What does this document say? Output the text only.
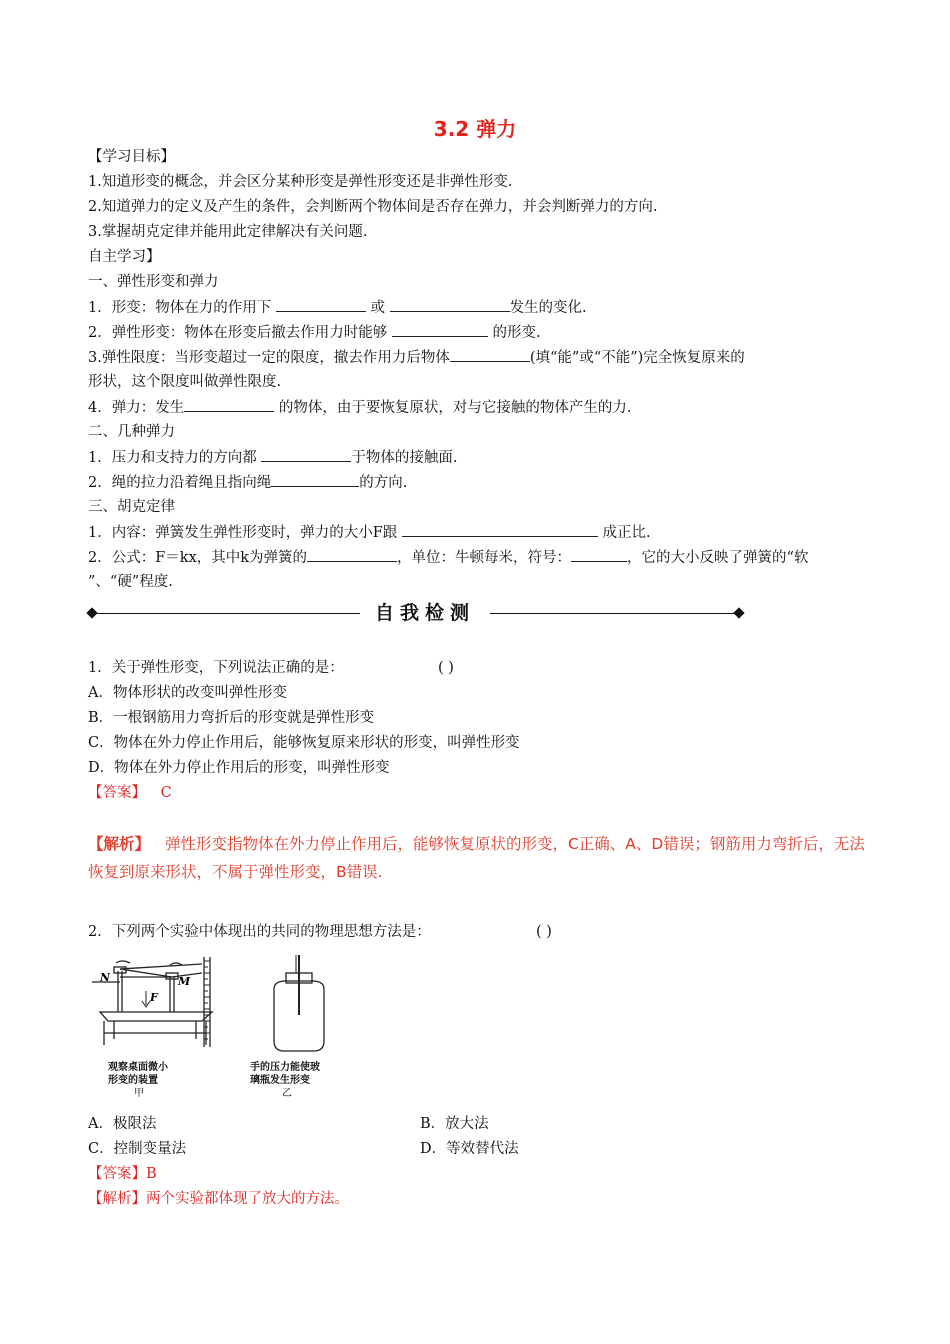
3.2 弹力
【学习目标】
1.知道形变的概念，并会区分某种形变是弹性形变还是非弹性形变.
2.知道弹力的定义及产生的条件，会判断两个物体间是否存在弹力，并会判断弹力的方向.
3.掌握胡克定律并能用此定律解决有关问题.
自主学习】
一、弹性形变和弹力
1．形变：物体在力的作用下	或	发生的变化.
2．弹性形变：物体在形变后撤去作用力时能够	的形变.
3.弹性限度：当形变超过一定的限度，撤去作用力后物体	(填“能”或“不能”)完全恢复原来的
形状，这个限度叫做弹性限度.
4．弹力：发生	的物体，由于要恢复原状，对与它接触的物体产生的力.
二、几种弹力
1．压力和支持力的方向都	于物体的接触面.
2．绳的拉力沿着绳且指向绳	的方向.
三、胡克定律
1．内容：弹簧发生弹性形变时，弹力的大小F跟	成正比.
2．公式：F＝kx，其中k为弹簧的	，单位：牛顿每米，符号：	，它的大小反映了弹簧的“软
”、“硬”程度.
自我检测
1．关于弹性形变，下列说法正确的是：	( )
A．物体形状的改变叫弹性形变
B．一根钢筋用力弯折后的形变就是弹性形变
C．物体在外力停止作用后，能够恢复原来形状的形变，叫弹性形变
D．物体在外力停止作用后的形变，叫弹性形变
【答案】 C
【解析】 弹性形变指物体在外力停止作用后，能够恢复原状的形变，C正确、A、D错误；钢筋用力弯折后，无法恢复到原来形状，不属于弹性形变，B错误.
2．下列两个实验中体现出的共同的物理思想方法是：	( )
N	M
F
观察桌面微小
形变的装置
甲
手的压力能使玻
璃瓶发生形变
乙
A．极限法	B．放大法
C．控制变量法	D．等效替代法
【答案】B
【解析】两个实验都体现了放大的方法。
